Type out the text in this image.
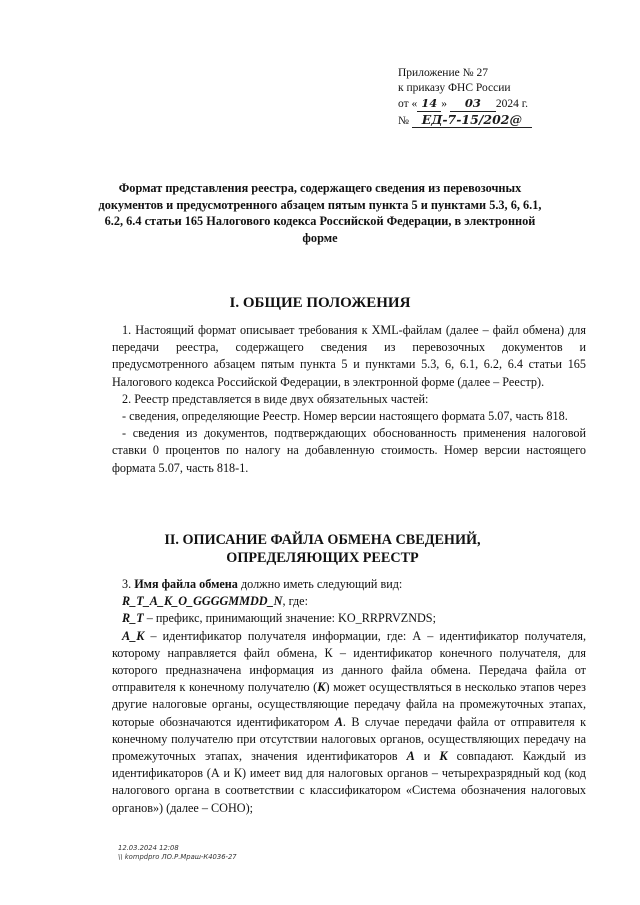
Приложение № 27
к приказу ФНС России
от « 14 » 03 2024 г.
№ ЕД-7-15/202@
Формат представления реестра, содержащего сведения из перевозочных документов и предусмотренного абзацем пятым пункта 5 и пунктами 5.3, 6, 6.1, 6.2, 6.4 статьи 165 Налогового кодекса Российской Федерации, в электронной форме
I. ОБЩИЕ ПОЛОЖЕНИЯ

1. Настоящий формат описывает требования к XML-файлам (далее – файл обмена) для передачи реестра, содержащего сведения из перевозочных документов и предусмотренного абзацем пятым пункта 5 и пунктами 5.3, 6, 6.1, 6.2, 6.4 статьи 165 Налогового кодекса Российской Федерации, в электронной форме (далее – Реестр).

2. Реестр представляется в виде двух обязательных частей:

- сведения, определяющие Реестр. Номер версии настоящего формата 5.07, часть 818.

- сведения из документов, подтверждающих обоснованность применения налоговой ставки 0 процентов по налогу на добавленную стоимость. Номер версии настоящего формата 5.07, часть 818-1.

II. ОПИСАНИЕ ФАЙЛА ОБМЕНА СВЕДЕНИЙ, ОПРЕДЕЛЯЮЩИХ РЕЕСТР

3. Имя файла обмена должно иметь следующий вид:

R_T_A_K_O_GGGGMMDD_N, где:

R_T – префикс, принимающий значение: KO_RRPRVZNDS;

A_K – идентификатор получателя информации, где: А – идентификатор получателя, которому направляется файл обмена, К – идентификатор конечного получателя, для которого предназначена информация из данного файла обмена. Передача файла от отправителя к конечному получателю (К) может осуществляться в несколько этапов через другие налоговые органы, осуществляющие передачу файла на промежуточных этапах, которые обозначаются идентификатором А. В случае передачи файла от отправителя к конечному получателю при отсутствии налоговых органов, осуществляющих передачу на промежуточных этапах, значения идентификаторов А и К совпадают. Каждый из идентификаторов (А и К) имеет вид для налоговых органов – четырехразрядный код (код налогового органа в соответствии с классификатором «Система обозначения налоговых органов») (далее – СОНО);

12.03.2024 12:08
\\ kompdpro ЛО.Р.Мраш-К4036-27
